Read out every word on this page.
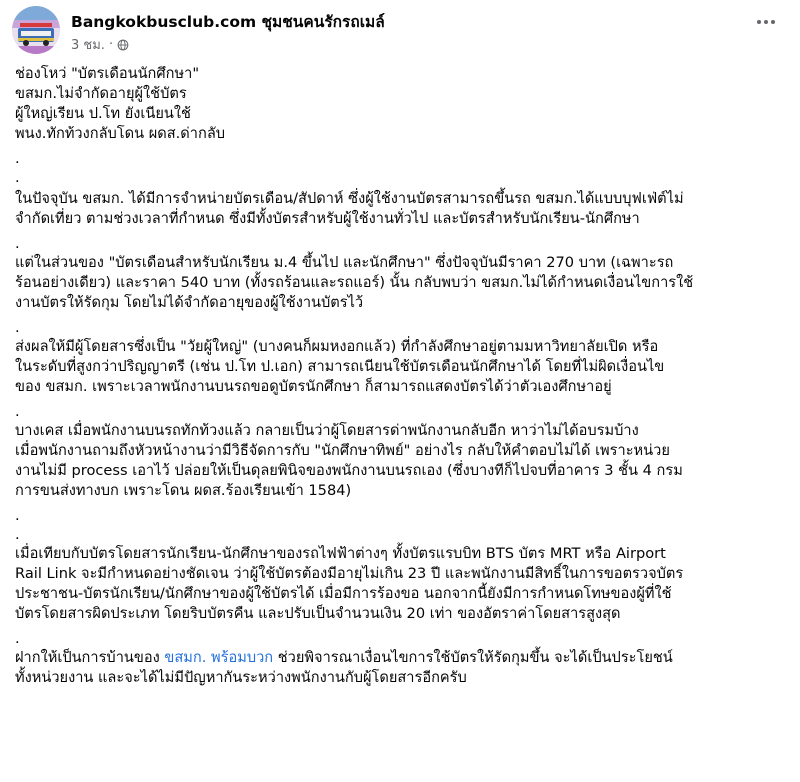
Bangkokbusclub.com ชุมชนคนรักรถเมล์
3 ชม. ·

ช่องโหว่ "บัตรเดือนนักศึกษา"

ขสมก.ไม่จำกัดอายุผู้ใช้บัตร

ผู้ใหญ่เรียน ป.โท ยังเนียนใช้

พนง.ทักท้วงกลับโดน ผดส.ด่ากลับ

.

.

ในปัจจุบัน ขสมก. ได้มีการจำหน่ายบัตรเดือน/สัปดาห์ ซึ่งผู้ใช้งานบัตรสามารถขึ้นรถ ขสมก.ได้แบบบุฟเฟ่ต์ไม่

จำกัดเที่ยว ตามช่วงเวลาที่กำหนด ซึ่งมีทั้งบัตรสำหรับผู้ใช้งานทั่วไป และบัตรสำหรับนักเรียน-นักศึกษา

.

แต่ในส่วนของ "บัตรเดือนสำหรับนักเรียน ม.4 ขึ้นไป และนักศึกษา" ซึ่งปัจจุบันมีราคา 270 บาท (เฉพาะรถ

ร้อนอย่างเดียว) และราคา 540 บาท (ทั้งรถร้อนและรถแอร์) นั้น กลับพบว่า ขสมก.ไม่ได้กำหนดเงื่อนไขการใช้

งานบัตรให้รัดกุม โดยไม่ได้จำกัดอายุของผู้ใช้งานบัตรไว้

.

ส่งผลให้มีผู้โดยสารซึ่งเป็น "วัยผู้ใหญ่" (บางคนก็ผมหงอกแล้ว) ที่กำลังศึกษาอยู่ตามมหาวิทยาลัยเปิด หรือ

ในระดับที่สูงกว่าปริญญาตรี (เช่น ป.โท ป.เอก) สามารถเนียนใช้บัตรเดือนนักศึกษาได้ โดยที่ไม่ผิดเงื่อนไข

ของ ขสมก. เพราะเวลาพนักงานบนรถขอดูบัตรนักศึกษา ก็สามารถแสดงบัตรได้ว่าตัวเองศึกษาอยู่

.

บางเคส เมื่อพนักงานบนรถทักท้วงแล้ว กลายเป็นว่าผู้โดยสารด่าพนักงานกลับอีก หาว่าไม่ได้อบรมบ้าง

เมื่อพนักงานถามถึงหัวหน้างานว่ามีวิธีจัดการกับ "นักศึกษาทิพย์" อย่างไร กลับให้คำตอบไม่ได้ เพราะหน่วย

งานไม่มี process เอาไว้ ปล่อยให้เป็นดุลยพินิจของพนักงานบนรถเอง (ซึ่งบางทีก็ไปจบที่อาคาร 3 ชั้น 4 กรม

การขนส่งทางบก เพราะโดน ผดส.ร้องเรียนเข้า 1584)

.

.

เมื่อเทียบกับบัตรโดยสารนักเรียน-นักศึกษาของรถไฟฟ้าต่างๆ ทั้งบัตรแรบบิท BTS บัตร MRT หรือ Airport

Rail Link จะมีกำหนดอย่างชัดเจน ว่าผู้ใช้บัตรต้องมีอายุไม่เกิน 23 ปี และพนักงานมีสิทธิ์ในการขอตรวจบัตร

ประชาชน-บัตรนักเรียน/นักศึกษาของผู้ใช้บัตรได้ เมื่อมีการร้องขอ นอกจากนี้ยังมีการกำหนดโทษของผู้ที่ใช้

บัตรโดยสารผิดประเภท โดยริบบัตรคืน และปรับเป็นจำนวนเงิน 20 เท่า ของอัตราค่าโดยสารสูงสุด

.

ฝากให้เป็นการบ้านของ ขสมก. พร้อมบวก ช่วยพิจารณาเงื่อนไขการใช้บัตรให้รัดกุมขึ้น จะได้เป็นประโยชน์

ทั้งหน่วยงาน และจะได้ไม่มีปัญหากันระหว่างพนักงานกับผู้โดยสารอีกครับ
